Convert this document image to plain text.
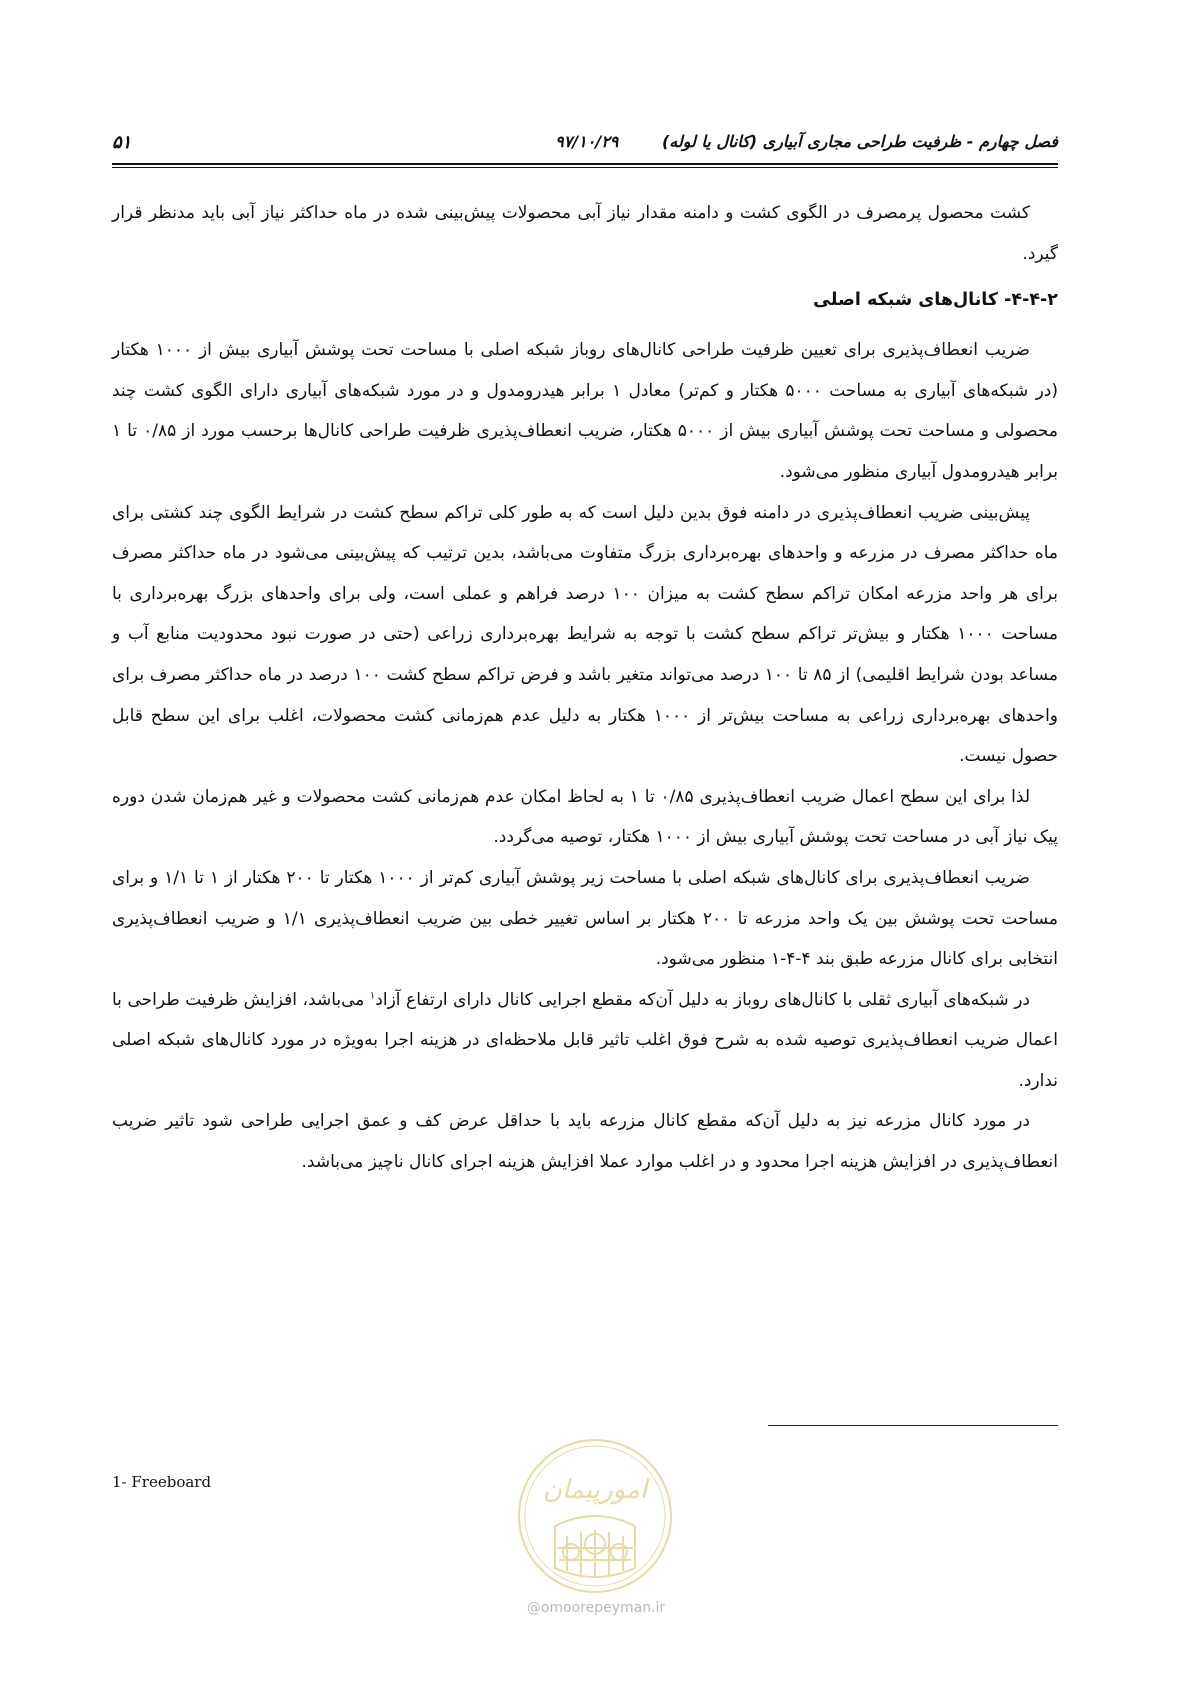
۵۱	فصل چهارم - ظرفیت طراحی مجاری آبیاری (کانال یا لوله) ۹۷/۱۰/۲۹

کشت محصول پرمصرف در الگوی کشت و دامنه مقدار نیاز آبی محصولات پیش‌بینی شده در ماه حداکثر نیاز آبی باید مدنظر قرار گیرد.

۴-۴-۲- کانال‌های شبکه اصلی

ضریب انعطاف‌پذیری برای تعیین ظرفیت طراحی کانال‌های روباز شبکه اصلی با مساحت تحت پوشش آبیاری بیش از ۱۰۰۰ هکتار (در شبکه‌های آبیاری به مساحت ۵۰۰۰ هکتار و کم‌تر) معادل ۱ برابر هیدرومدول و در مورد شبکه‌های آبیاری دارای الگوی کشت چند محصولی و مساحت تحت پوشش آبیاری بیش از ۵۰۰۰ هکتار، ضریب انعطاف‌پذیری ظرفیت طراحی کانال‌ها برحسب مورد از ۰/۸۵ تا ۱ برابر هیدرومدول آبیاری منظور می‌شود.

پیش‌بینی ضریب انعطاف‌پذیری در دامنه فوق بدین دلیل است که به طور کلی تراکم سطح کشت در شرایط الگوی چند کشتی برای ماه حداکثر مصرف در مزرعه و واحدهای بهره‌برداری بزرگ متفاوت می‌باشد، بدین ترتیب که پیش‌بینی می‌شود در ماه حداکثر مصرف برای هر واحد مزرعه امکان تراکم سطح کشت به میزان ۱۰۰ درصد فراهم و عملی است، ولی برای واحدهای بزرگ بهره‌برداری با مساحت ۱۰۰۰ هکتار و بیش‌تر تراکم سطح کشت با توجه به شرایط بهره‌برداری زراعی (حتی در صورت نبود محدودیت منابع آب و مساعد بودن شرایط اقلیمی) از ۸۵ تا ۱۰۰ درصد می‌تواند متغیر باشد و فرض تراکم سطح کشت ۱۰۰ درصد در ماه حداکثر مصرف برای واحدهای بهره‌برداری زراعی به مساحت بیش‌تر از ۱۰۰۰ هکتار به دلیل عدم هم‌زمانی کشت محصولات، اغلب برای این سطح قابل حصول نیست.

لذا برای این سطح اعمال ضریب انعطاف‌پذیری ۰/۸۵ تا ۱ به لحاظ امکان عدم هم‌زمانی کشت محصولات و غیر هم‌زمان شدن دوره پیک نیاز آبی در مساحت تحت پوشش آبیاری بیش از ۱۰۰۰ هکتار، توصیه می‌گردد.

ضریب انعطاف‌پذیری برای کانال‌های شبکه اصلی با مساحت زیر پوشش آبیاری کم‌تر از ۱۰۰۰ هکتار تا ۲۰۰ هکتار از ۱ تا ۱/۱ و برای مساحت تحت پوشش بین یک واحد مزرعه تا ۲۰۰ هکتار بر اساس تغییر خطی بین ضریب انعطاف‌پذیری ۱/۱ و ضریب انعطاف‌پذیری انتخابی برای کانال مزرعه طبق بند ۴-۴-۱ منظور می‌شود.

در شبکه‌های آبیاری ثقلی با کانال‌های روباز به دلیل آن‌که مقطع اجرایی کانال دارای ارتفاع آزاد$^۱$ می‌باشد، افزایش ظرفیت طراحی با اعمال ضریب انعطاف‌پذیری توصیه شده به شرح فوق اغلب تاثیر قابل ملاحظه‌ای در هزینه اجرا به‌ویژه در مورد کانال‌های شبکه اصلی ندارد.

در مورد کانال مزرعه نیز به دلیل آن‌که مقطع کانال مزرعه باید با حداقل عرض کف و عمق اجرایی طراحی شود تاثیر ضریب انعطاف‌پذیری در افزایش هزینه اجرا محدود و در اغلب موارد عملا افزایش هزینه اجرای کانال ناچیز می‌باشد.

1- Freeboard	امورپیمان
@omoorepeyman.ir
